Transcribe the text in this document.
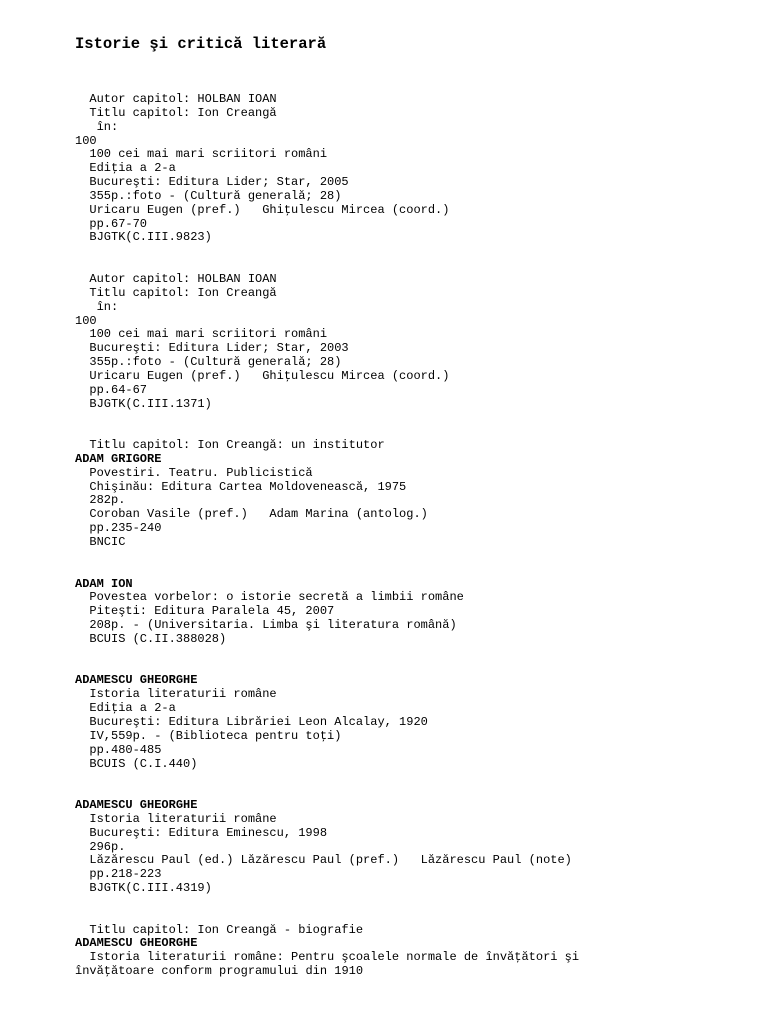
Istorie şi critică literară
Autor capitol: HOLBAN IOAN
Titlu capitol: Ion Creangă
în:
100
100 cei mai mari scriitori români
Ediţia a 2-a
Bucureşti: Editura Lider; Star, 2005
355p.:foto - (Cultură generală; 28)
Uricaru Eugen (pref.)   Ghiţulescu Mircea (coord.)
pp.67-70
BJGTK(C.III.9823)
Autor capitol: HOLBAN IOAN
Titlu capitol: Ion Creangă
în:
100
100 cei mai mari scriitori români
Bucureşti: Editura Lider; Star, 2003
355p.:foto - (Cultură generală; 28)
Uricaru Eugen (pref.)   Ghiţulescu Mircea (coord.)
pp.64-67
BJGTK(C.III.1371)
Titlu capitol: Ion Creangă: un institutor
ADAM GRIGORE
Povestiri. Teatru. Publicistică
Chişinău: Editura Cartea Moldovenească, 1975
282p.
Coroban Vasile (pref.)   Adam Marina (antolog.)
pp.235-240
BNCIC
ADAM ION
Povestea vorbelor: o istorie secretă a limbii române
Piteşti: Editura Paralela 45, 2007
208p. - (Universitaria. Limba şi literatura română)
BCUIS (C.II.388028)
ADAMESCU GHEORGHE
Istoria literaturii române
Ediţia a 2-a
Bucureşti: Editura Librăriei Leon Alcalay, 1920
IV,559p. - (Biblioteca pentru toţi)
pp.480-485
BCUIS (C.I.440)
ADAMESCU GHEORGHE
Istoria literaturii române
Bucureşti: Editura Eminescu, 1998
296p.
Lăzărescu Paul (ed.) Lăzărescu Paul (pref.)   Lăzărescu Paul (note)
pp.218-223
BJGTK(C.III.4319)
Titlu capitol: Ion Creangă - biografie
ADAMESCU GHEORGHE
Istoria literaturii române: Pentru şcoalele normale de învăţători şi
învăţătoare conform programului din 1910
